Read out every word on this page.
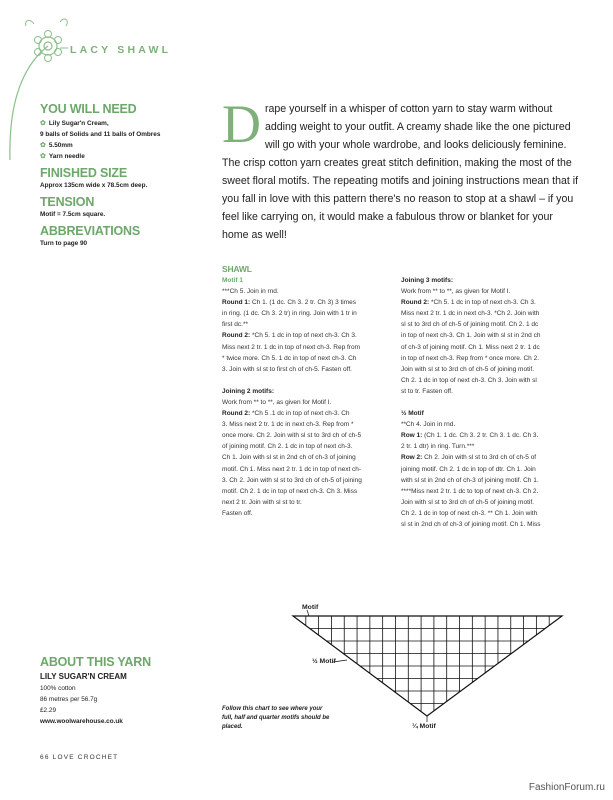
LACY SHAWL
YOU WILL NEED
✿ Lily Sugar'n Cream,
9 balls of Solids and 11 balls of Ombres
✿ 5.50mm
✿ Yarn needle
FINISHED SIZE
Approx 135cm wide x 78.5cm deep.
TENSION
Motif = 7.5cm square.
ABBREVIATIONS
Turn to page 90
Drape yourself in a whisper of cotton yarn to stay warm without adding weight to your outfit. A creamy shade like the one pictured will go with your whole wardrobe, and looks deliciously feminine. The crisp cotton yarn creates great stitch definition, making the most of the sweet floral motifs. The repeating motifs and joining instructions mean that if you fall in love with this pattern there's no reason to stop at a shawl – if you feel like carrying on, it would make a fabulous throw or blanket for your home as well!
SHAWL

Motif 1

***Ch 5. Join in rnd.

Round 1: Ch 1. (1 dc. Ch 3. 2 tr. Ch 3) 3 times

in ring. (1 dc. Ch 3. 2 tr) in ring. Join with 1 tr in

first dc.**

Round 2: *Ch 5. 1 dc in top of next ch-3. Ch 3.

Miss next 2 tr. 1 dc in top of next ch-3. Rep from

* twice more. Ch 5. 1 dc in top of next ch-3. Ch

3. Join with sl st to first ch of ch-5. Fasten off.

Joining 2 motifs:

Work from ** to **, as given for Motif I.

Round 2: *Ch 5 .1 dc in top of next ch-3. Ch

3. Miss next 2 tr. 1 dc in next ch-3. Rep from *

once more. Ch 2. Join with sl st to 3rd ch of ch-5

of joining motif. Ch 2. 1 dc in top of next ch-3.

Ch 1. Join with sl st in 2nd ch of ch-3 of joining

motif. Ch 1. Miss next 2 tr. 1 dc in top of next ch-

3. Ch 2. Join with sl st to 3rd ch of ch-5 of joining

motif. Ch 2. 1 dc in top of next ch-3. Ch 3. Miss

next 2 tr. Join with sl st to tr.

Fasten off.

Joining 3 motifs:

Work from ** to **, as given for Motif I.

Round 2: *Ch 5. 1 dc in top of next ch-3. Ch 3.

Miss next 2 tr. 1 dc in next ch-3. *Ch 2. Join with

sl st to 3rd ch of ch-5 of joining motif. Ch 2. 1 dc

in top of next ch-3. Ch 1. Join with sl st in 2nd ch

of ch-3 of joining motif. Ch 1. Miss next 2 tr. 1 dc

in top of next ch-3. Rep from * once more. Ch 2.

Join with sl st to 3rd ch of ch-5 of joining motif.

Ch 2. 1 dc in top of next ch-3. Ch 3. Join with sl

st to tr. Fasten off.

½ Motif

**Ch 4. Join in rnd.

Row 1: (Ch 1. 1 dc. Ch 3. 2 tr. Ch 3. 1 dc. Ch 3.

2 tr. 1 dtr) in ring. Turn.***

Row 2: Ch 2. Join with sl st to 3rd ch of ch-5 of

joining motif. Ch 2. 1 dc in top of dtr. Ch 1. Join

with sl st in 2nd ch of ch-3 of joining motif. Ch 1.

****Miss next 2 tr. 1 dc to top of next ch-3. Ch 2.

Join with sl st to 3rd ch of ch-5 of joining motif.

Ch 2. 1 dc in top of next ch-3. ** Ch 1. Join with

sl st in 2nd ch of ch-3 of joining motif. Ch 1. Miss

Motif
½ Motif
¼ Motif
Follow this chart to see where your full, half and quarter motifs should be placed.
ABOUT THIS YARN
LILY SUGAR'N CREAM
100% cotton
86 metres per 56.7g
£2.29
www.woolwarehouse.co.uk
66 LOVE CROCHET
FashionForum.ru
